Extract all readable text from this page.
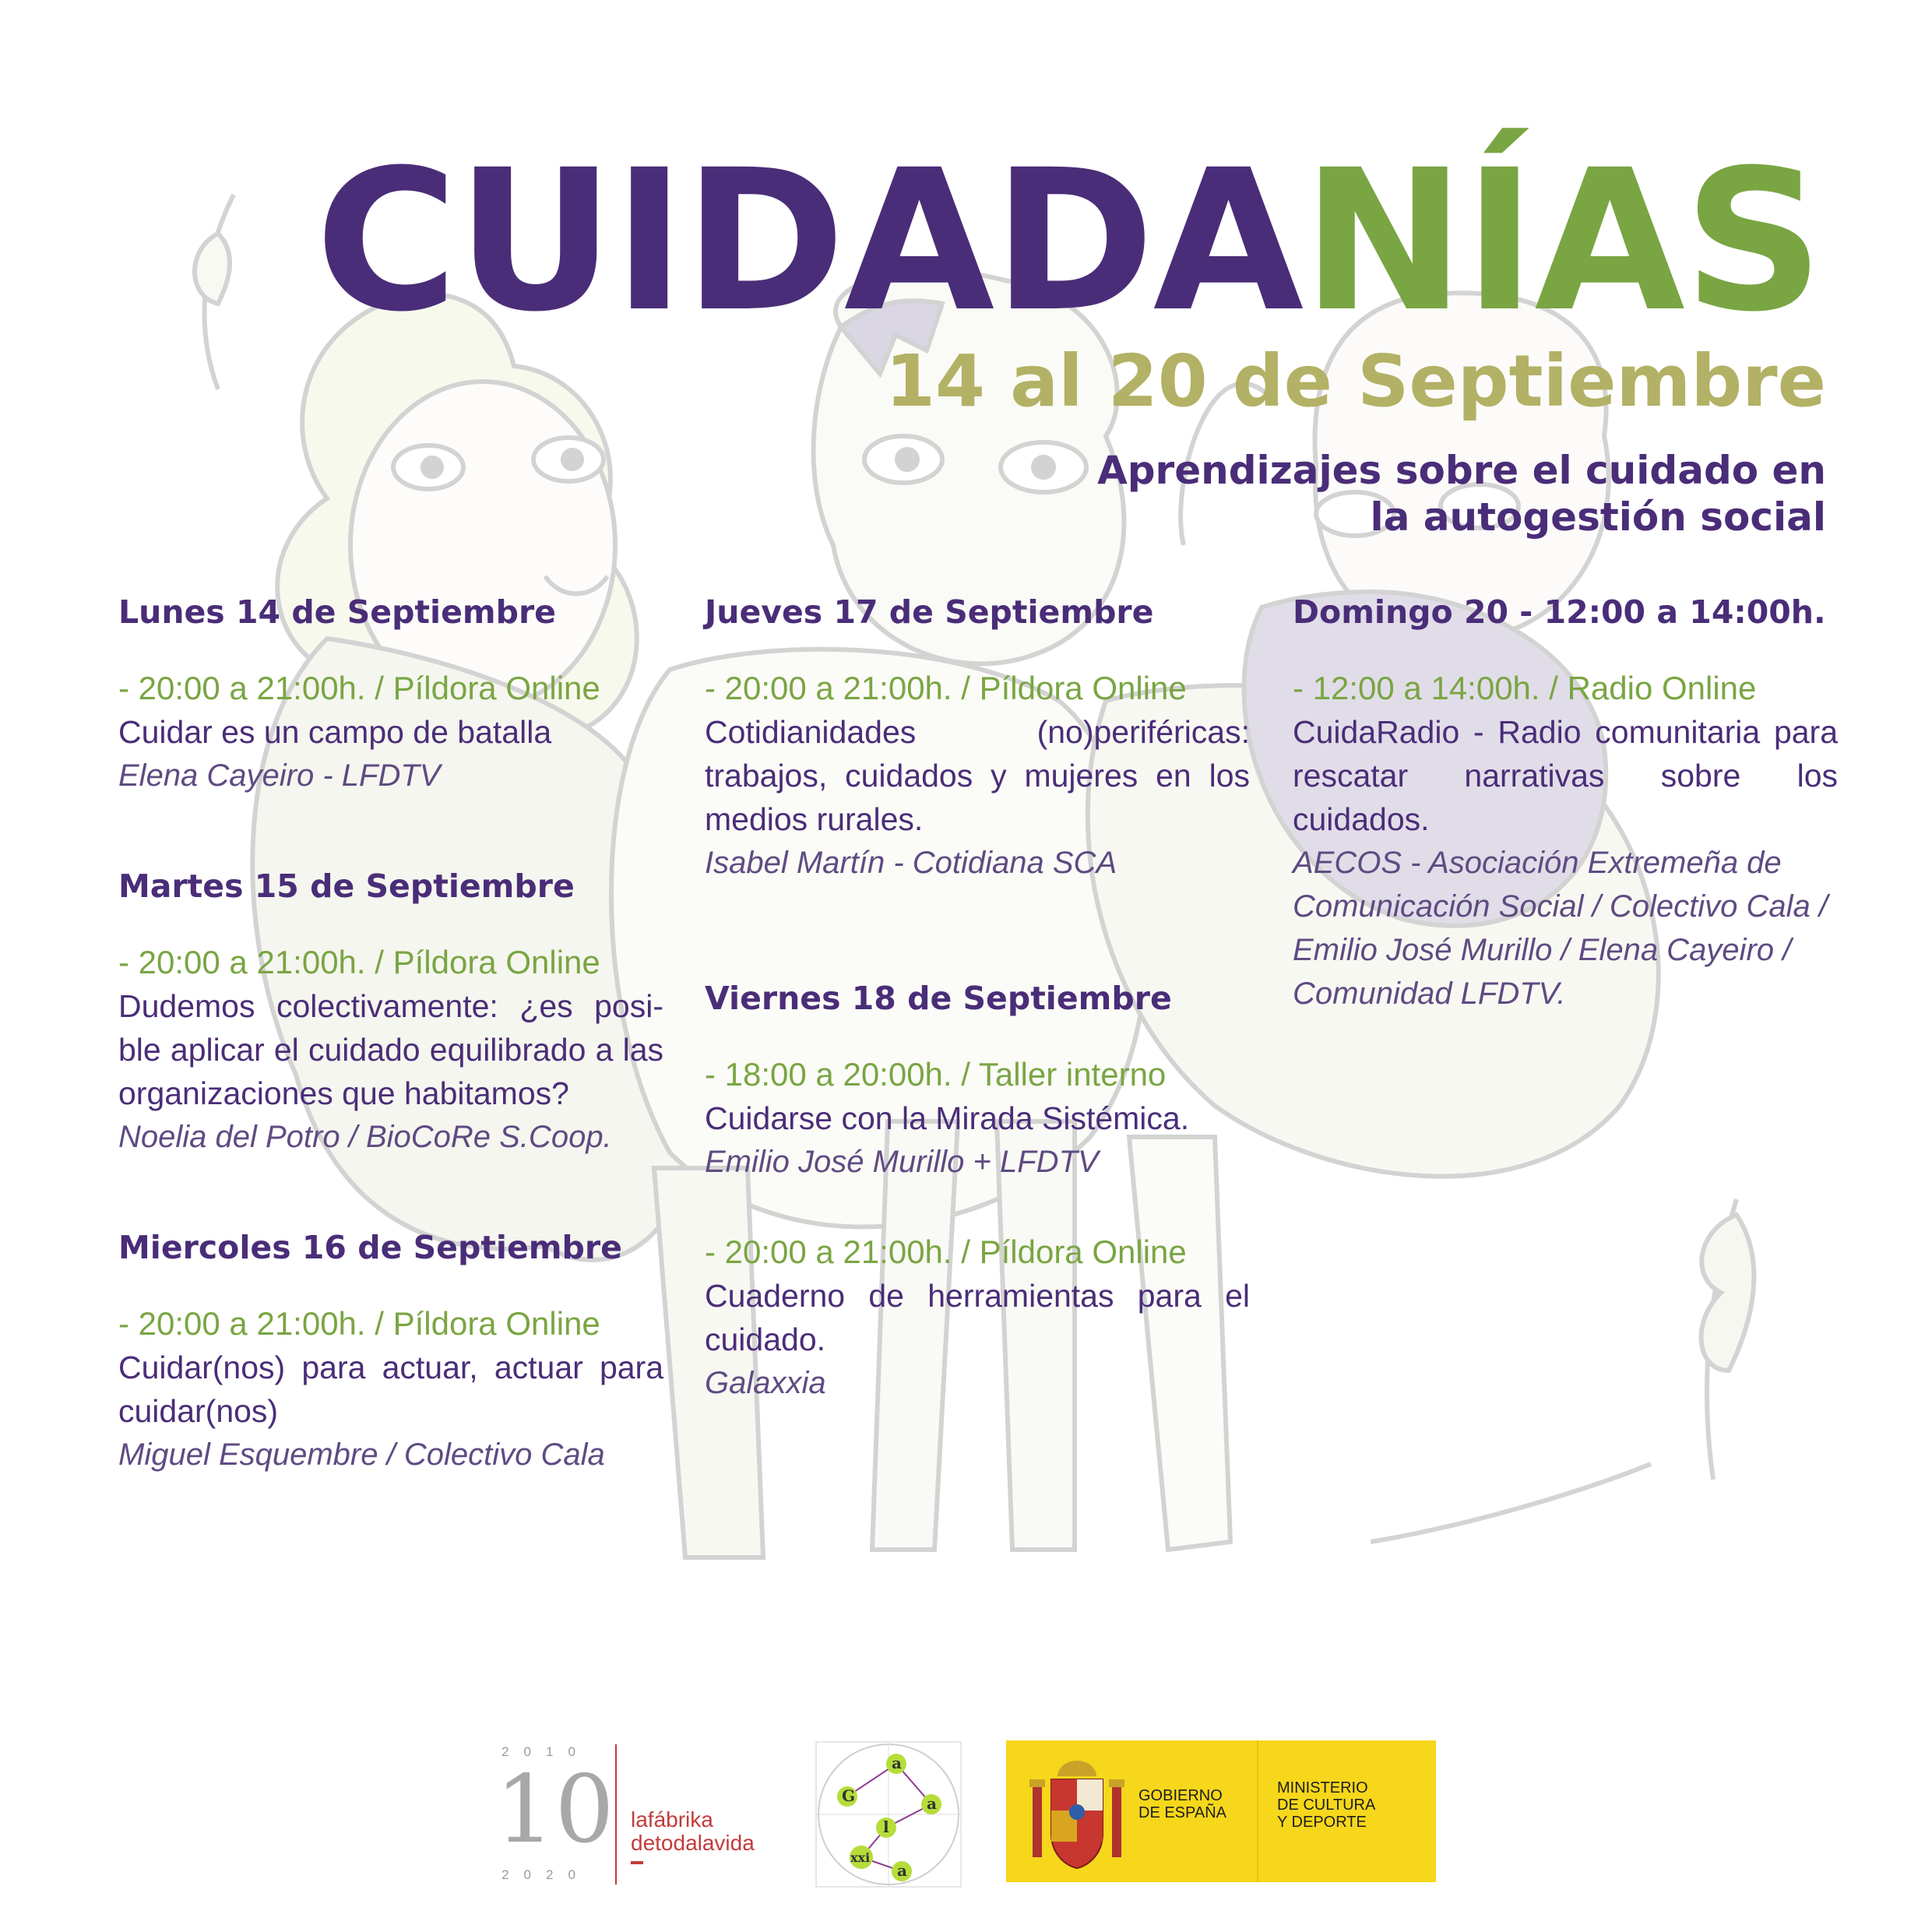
CUIDADANÍAS
14 al 20 de Septiembre
Aprendizajes sobre el cuidado en
la autogestión social
Lunes 14 de Septiembre
- 20:00 a 21:00h. / Píldora Online
Cuidar es un campo de batalla
Elena Cayeiro - LFDTV
Martes 15 de Septiembre
- 20:00 a 21:00h. / Píldora Online
Dudemos colectivamente: ¿es posi-ble aplicar el cuidado equilibrado a las organizaciones que habitamos?
Noelia del Potro / BioCoRe S.Coop.
Miercoles 16 de Septiembre
- 20:00 a 21:00h. / Píldora Online
Cuidar(nos) para actuar, actuar para cuidar(nos)
Miguel Esquembre / Colectivo Cala
Jueves 17 de Septiembre
- 20:00 a 21:00h. / Píldora Online
Cotidianidades (no)periféricas: trabajos, cuidados y mujeres en los medios rurales.
Isabel Martín - Cotidiana SCA
Viernes 18 de Septiembre
- 18:00 a 20:00h. / Taller interno
Cuidarse con la Mirada Sistémica.
Emilio José Murillo + LFDTV
- 20:00 a 21:00h. / Píldora Online
Cuaderno de herramientas para el cuidado.
Galaxxia
Domingo 20 - 12:00 a 14:00h.
- 12:00 a 14:00h. / Radio Online
CuidaRadio - Radio comunitaria para rescatar narrativas sobre los cuidados.
AECOS - Asociación Extremeña de Comunicación Social / Colectivo Cala / Emilio José Murillo / Elena Cayeiro / Comunidad LFDTV.
2010
10
2020
lafábrika
detodalavida
a
G	a
l
xxi
a
GOBIERNO
DE ESPAÑA
MINISTERIO
DE CULTURA
Y DEPORTE
